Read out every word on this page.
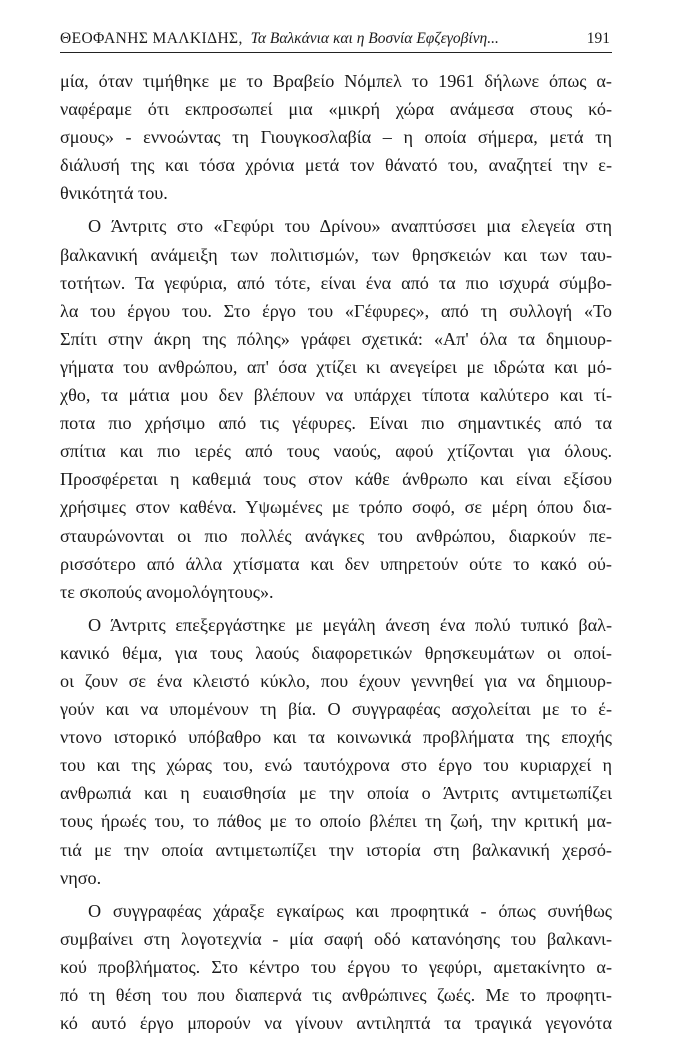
ΘΕΟΦΑΝΗΣ ΜΑΛΚΙΔΗΣ, Τα Βαλκάνια και η Βοσνία Εφζεγοβίνη...	191

μία, όταν τιμήθηκε με το Βραβείο Νόμπελ το 1961 δήλωνε όπως α-
ναφέραμε ότι εκπροσωπεί μια «μικρή χώρα ανάμεσα στους κό-
σμους» - εννοώντας τη Γιουγκοσλαβία – η οποία σήμερα, μετά τη
διάλυσή της και τόσα χρόνια μετά τον θάνατό του, αναζητεί την ε-
θνικότητά του.

Ο Άντριτς στο «Γεφύρι του Δρίνου» αναπτύσσει μια ελεγεία στη
βαλκανική ανάμειξη των πολιτισμών, των θρησκειών και των ταυ-
τοτήτων. Τα γεφύρια, από τότε, είναι ένα από τα πιο ισχυρά σύμβο-
λα του έργου του. Στο έργο του «Γέφυρες», από τη συλλογή «Το
Σπίτι στην άκρη της πόλης» γράφει σχετικά: «Απ' όλα τα δημιουρ-
γήματα του ανθρώπου, απ' όσα χτίζει κι ανεγείρει με ιδρώτα και μό-
χθο, τα μάτια μου δεν βλέπουν να υπάρχει τίποτα καλύτερο και τί-
ποτα πιο χρήσιμο από τις γέφυρες. Είναι πιο σημαντικές από τα
σπίτια και πιο ιερές από τους ναούς, αφού χτίζονται για όλους.
Προσφέρεται η καθεμιά τους στον κάθε άνθρωπο και είναι εξίσου
χρήσιμες στον καθένα. Υψωμένες με τρόπο σοφό, σε μέρη όπου δια-
σταυρώνονται οι πιο πολλές ανάγκες του ανθρώπου, διαρκούν πε-
ρισσότερο από άλλα χτίσματα και δεν υπηρετούν ούτε το κακό ού-
τε σκοπούς ανομολόγητους».

Ο Άντριτς επεξεργάστηκε με μεγάλη άνεση ένα πολύ τυπικό βαλ-
κανικό θέμα, για τους λαούς διαφορετικών θρησκευμάτων οι οποί-
οι ζουν σε ένα κλειστό κύκλο, που έχουν γεννηθεί για να δημιουρ-
γούν και να υπομένουν τη βία. Ο συγγραφέας ασχολείται με το έ-
ντονο ιστορικό υπόβαθρο και τα κοινωνικά προβλήματα της εποχής
του και της χώρας του, ενώ ταυτόχρονα στο έργο του κυριαρχεί η
ανθρωπιά και η ευαισθησία με την οποία ο Άντριτς αντιμετωπίζει
τους ήρωές του, το πάθος με το οποίο βλέπει τη ζωή, την κριτική μα-
τιά με την οποία αντιμετωπίζει την ιστορία στη βαλκανική χερσό-
νησο.

Ο συγγραφέας χάραξε εγκαίρως και προφητικά - όπως συνήθως
συμβαίνει στη λογοτεχνία - μία σαφή οδό κατανόησης του βαλκανι-
κού προβλήματος. Στο κέντρο του έργου το γεφύρι, αμετακίνητο α-
πό τη θέση του που διαπερνά τις ανθρώπινες ζωές. Με το προφητι-
κό αυτό έργο μπορούν να γίνουν αντιληπτά τα τραγικά γεγονότα
